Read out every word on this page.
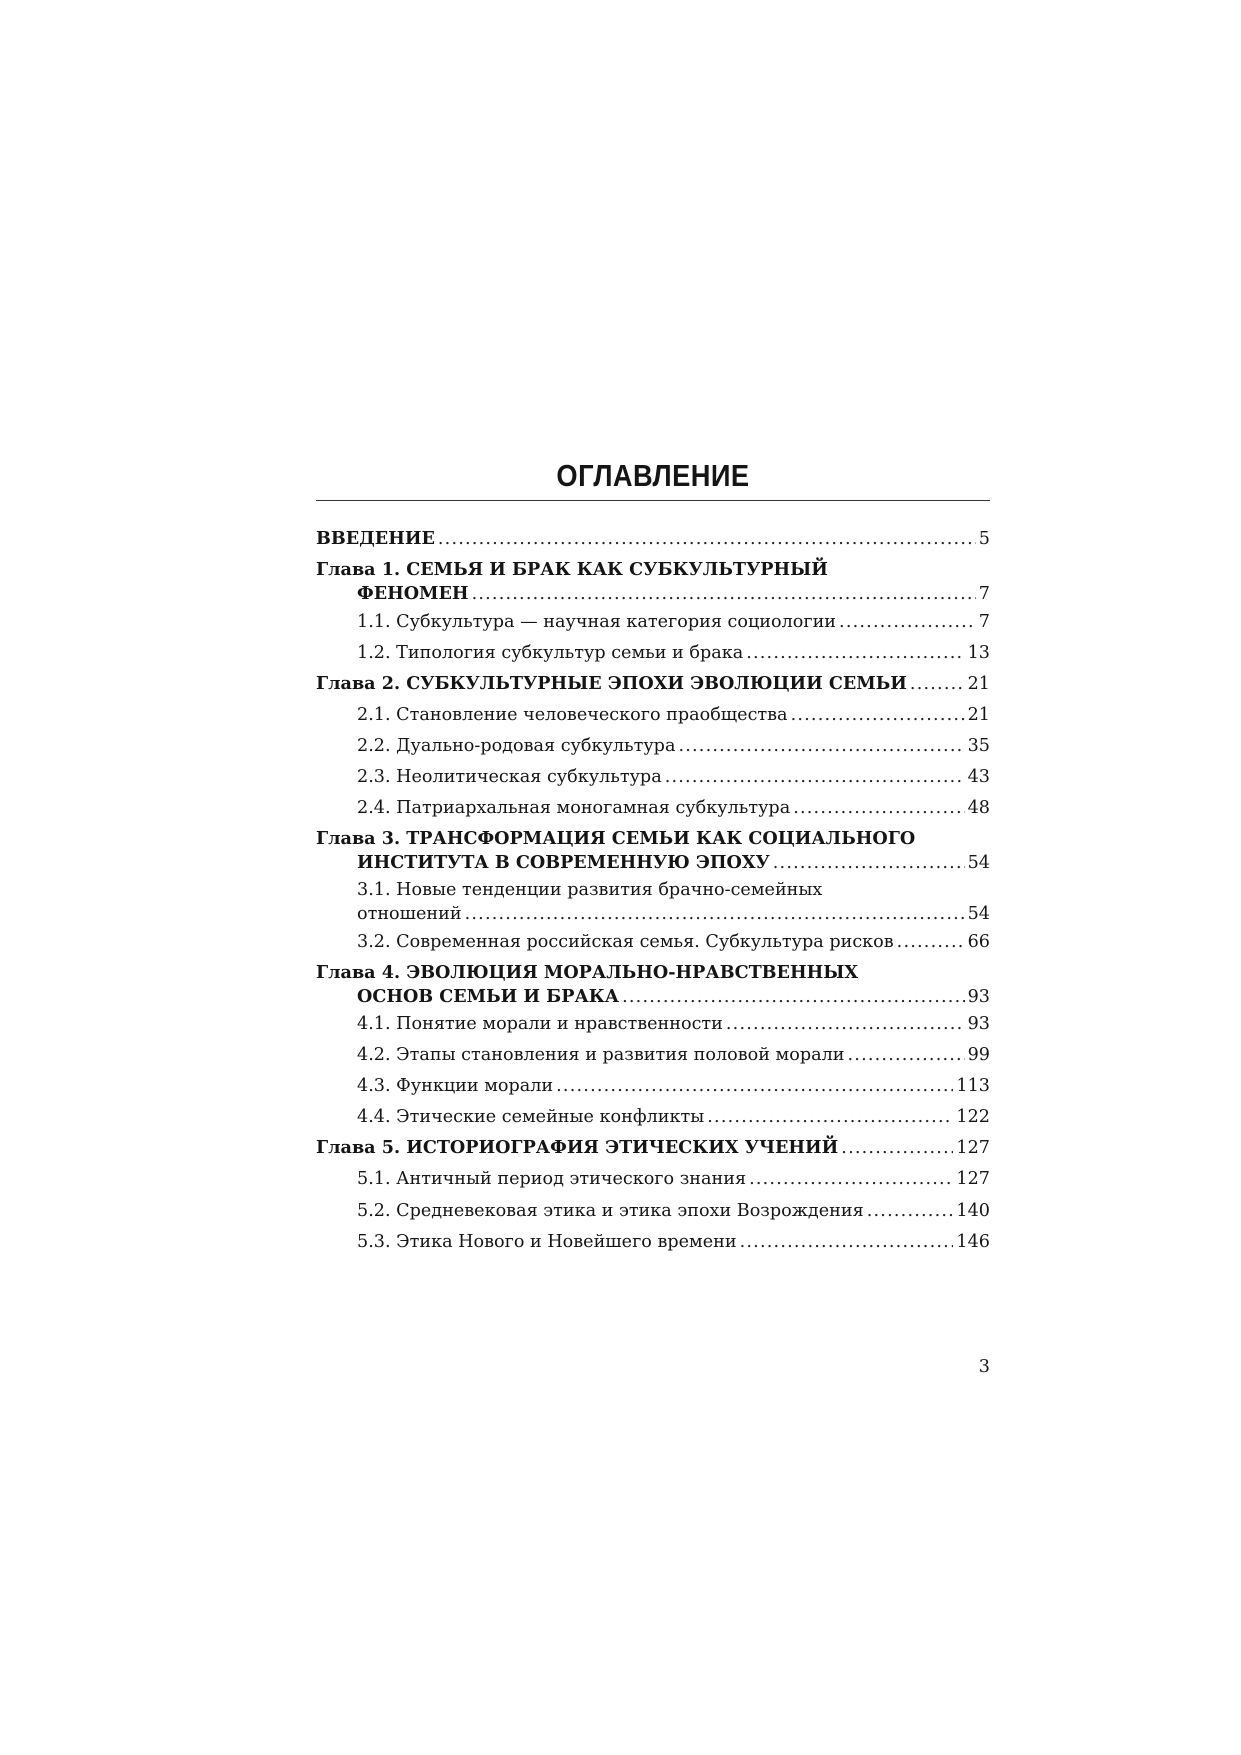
ОГЛАВЛЕНИЕ
ВВЕДЕНИЕ . . .	5
Глава 1. СЕМЬЯ И БРАК КАК СУБКУЛЬТУРНЫЙ
ФЕНОМЕН . . .	7
1.1. Субкультура — научная категория социологии . . .	7
1.2. Типология субкультур семьи и брака . . .	13
Глава 2. СУБКУЛЬТУРНЫЕ ЭПОХИ ЭВОЛЮЦИИ СЕМЬИ . . .	21
2.1. Становление человеческого праобщества . . .	21
2.2. Дуально-родовая субкультура . . .	35
2.3. Неолитическая субкультура . . .	43
2.4. Патриархальная моногамная субкультура . . .	48
Глава 3. ТРАНСФОРМАЦИЯ СЕМЬИ КАК СОЦИАЛЬНОГО
ИНСТИТУТА В СОВРЕМЕННУЮ ЭПОХУ . . .	54
3.1. Новые тенденции развития брачно-семейных
отношений . . .	54
3.2. Современная российская семья. Субкультура рисков . . .	66
Глава 4. ЭВОЛЮЦИЯ МОРАЛЬНО-НРАВСТВЕННЫХ
ОСНОВ СЕМЬИ И БРАКА . . .	93
4.1. Понятие морали и нравственности . . .	93
4.2. Этапы становления и развития половой морали . . .	99
4.3. Функции морали . . .	113
4.4. Этические семейные конфликты . . .	122
Глава 5. ИСТОРИОГРАФИЯ ЭТИЧЕСКИХ УЧЕНИЙ . . .	127
5.1. Античный период этического знания . . .	127
5.2. Средневековая этика и этика эпохи Возрождения . . .	140
5.3. Этика Нового и Новейшего времени . . .	146
3
